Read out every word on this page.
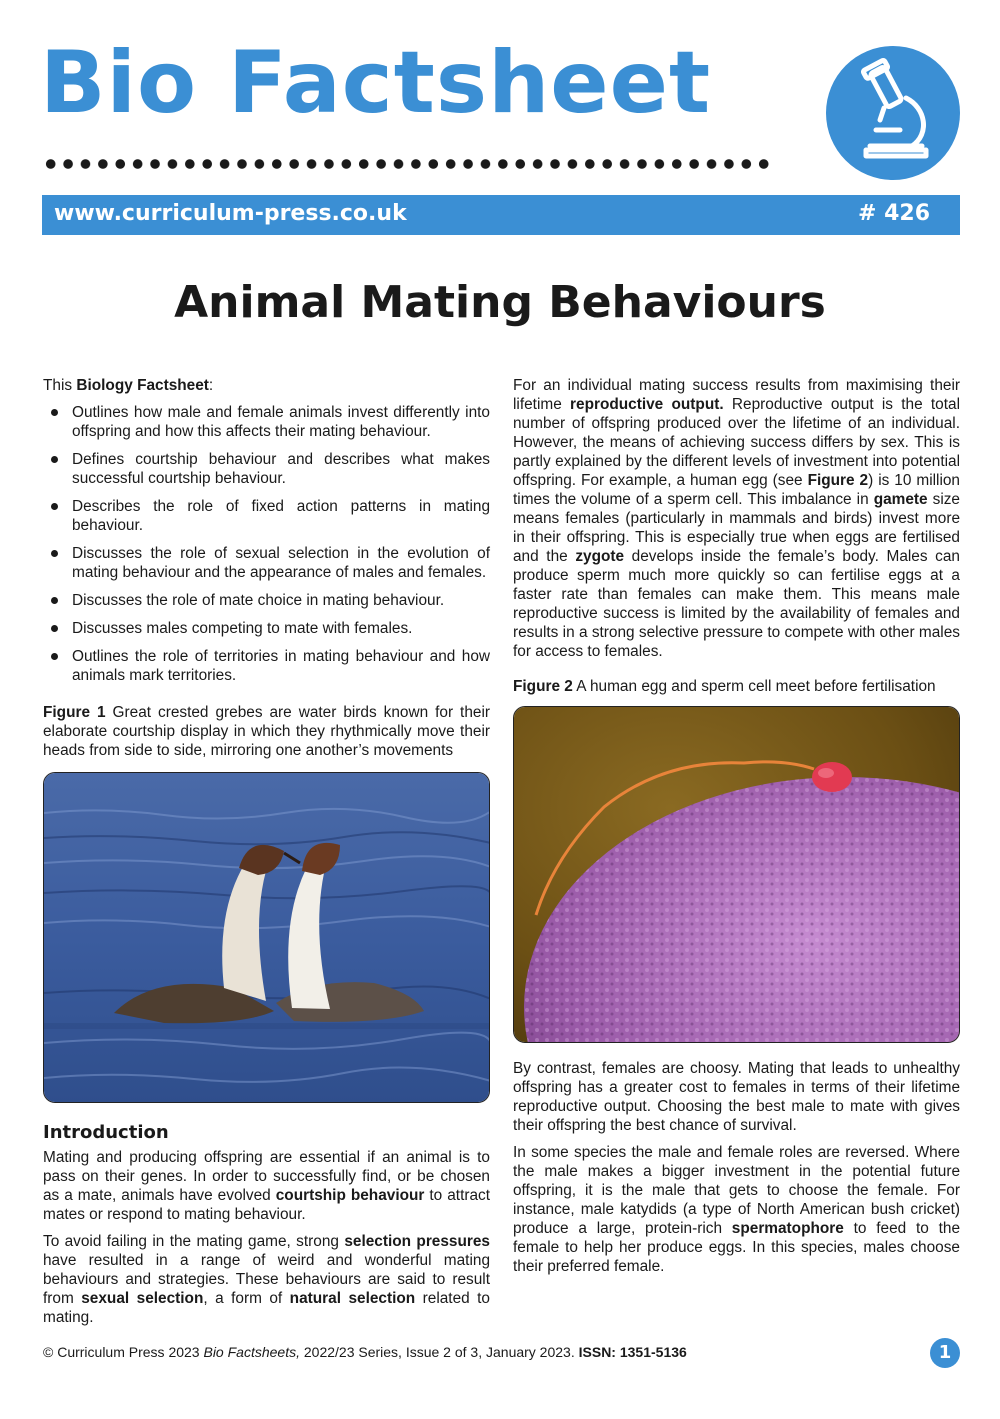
Bio Factsheet
www.curriculum-press.co.uk	# 426
Animal Mating Behaviours

This Biology Factsheet:

Outlines how male and female animals invest differently into offspring and how this affects their mating behaviour.
Defines courtship behaviour and describes what makes successful courtship behaviour.
Describes the role of fixed action patterns in mating behaviour.
Discusses the role of sexual selection in the evolution of mating behaviour and the appearance of males and females.
Discusses the role of mate choice in mating behaviour.
Discusses males competing to mate with females.
Outlines the role of territories in mating behaviour and how animals mark territories.

Figure 1 Great crested grebes are water birds known for their elaborate courtship display in which they rhythmically move their heads from side to side, mirroring one another’s movements

Introduction

Mating and producing offspring are essential if an animal is to pass on their genes. In order to successfully find, or be chosen as a mate, animals have evolved courtship behaviour to attract mates or respond to mating behaviour.

To avoid failing in the mating game, strong selection pressures have resulted in a range of weird and wonderful mating behaviours and strategies. These behaviours are said to result from sexual selection, a form of natural selection related to mating.

For an individual mating success results from maximising their lifetime reproductive output. Reproductive output is the total number of offspring produced over the lifetime of an individual. However, the means of achieving success differs by sex. This is partly explained by the different levels of investment into potential offspring. For example, a human egg (see Figure 2) is 10 million times the volume of a sperm cell. This imbalance in gamete size means females (particularly in mammals and birds) invest more in their offspring. This is especially true when eggs are fertilised and the zygote develops inside the female’s body. Males can produce sperm much more quickly so can fertilise eggs at a faster rate than females can make them. This means male reproductive success is limited by the availability of females and results in a strong selective pressure to compete with other males for access to females.

Figure 2 A human egg and sperm cell meet before fertilisation

By contrast, females are choosy. Mating that leads to unhealthy offspring has a greater cost to females in terms of their lifetime reproductive output. Choosing the best male to mate with gives their offspring the best chance of survival.

In some species the male and female roles are reversed. Where the male makes a bigger investment in the potential future offspring, it is the male that gets to choose the female. For instance, male katydids (a type of North American bush cricket) produce a large, protein-rich spermatophore to feed to the female to help her produce eggs. In this species, males choose their preferred female.

© Curriculum Press 2023 Bio Factsheets, 2022/23 Series, Issue 2 of 3, January 2023. ISSN: 1351-5136	1
